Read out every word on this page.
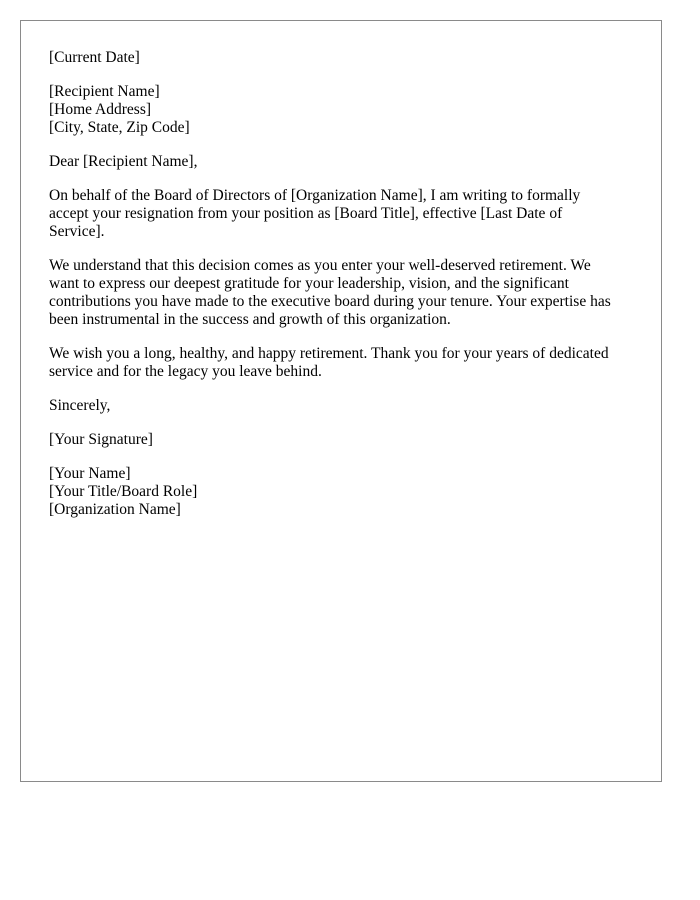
[Current Date]
[Recipient Name]
[Home Address]
[City, State, Zip Code]
Dear [Recipient Name],
On behalf of the Board of Directors of [Organization Name], I am writing to formally
accept your resignation from your position as [Board Title], effective [Last Date of
Service].
We understand that this decision comes as you enter your well-deserved retirement. We
want to express our deepest gratitude for your leadership, vision, and the significant
contributions you have made to the executive board during your tenure. Your expertise has
been instrumental in the success and growth of this organization.
We wish you a long, healthy, and happy retirement. Thank you for your years of dedicated
service and for the legacy you leave behind.
Sincerely,
[Your Signature]
[Your Name]
[Your Title/Board Role]
[Organization Name]
